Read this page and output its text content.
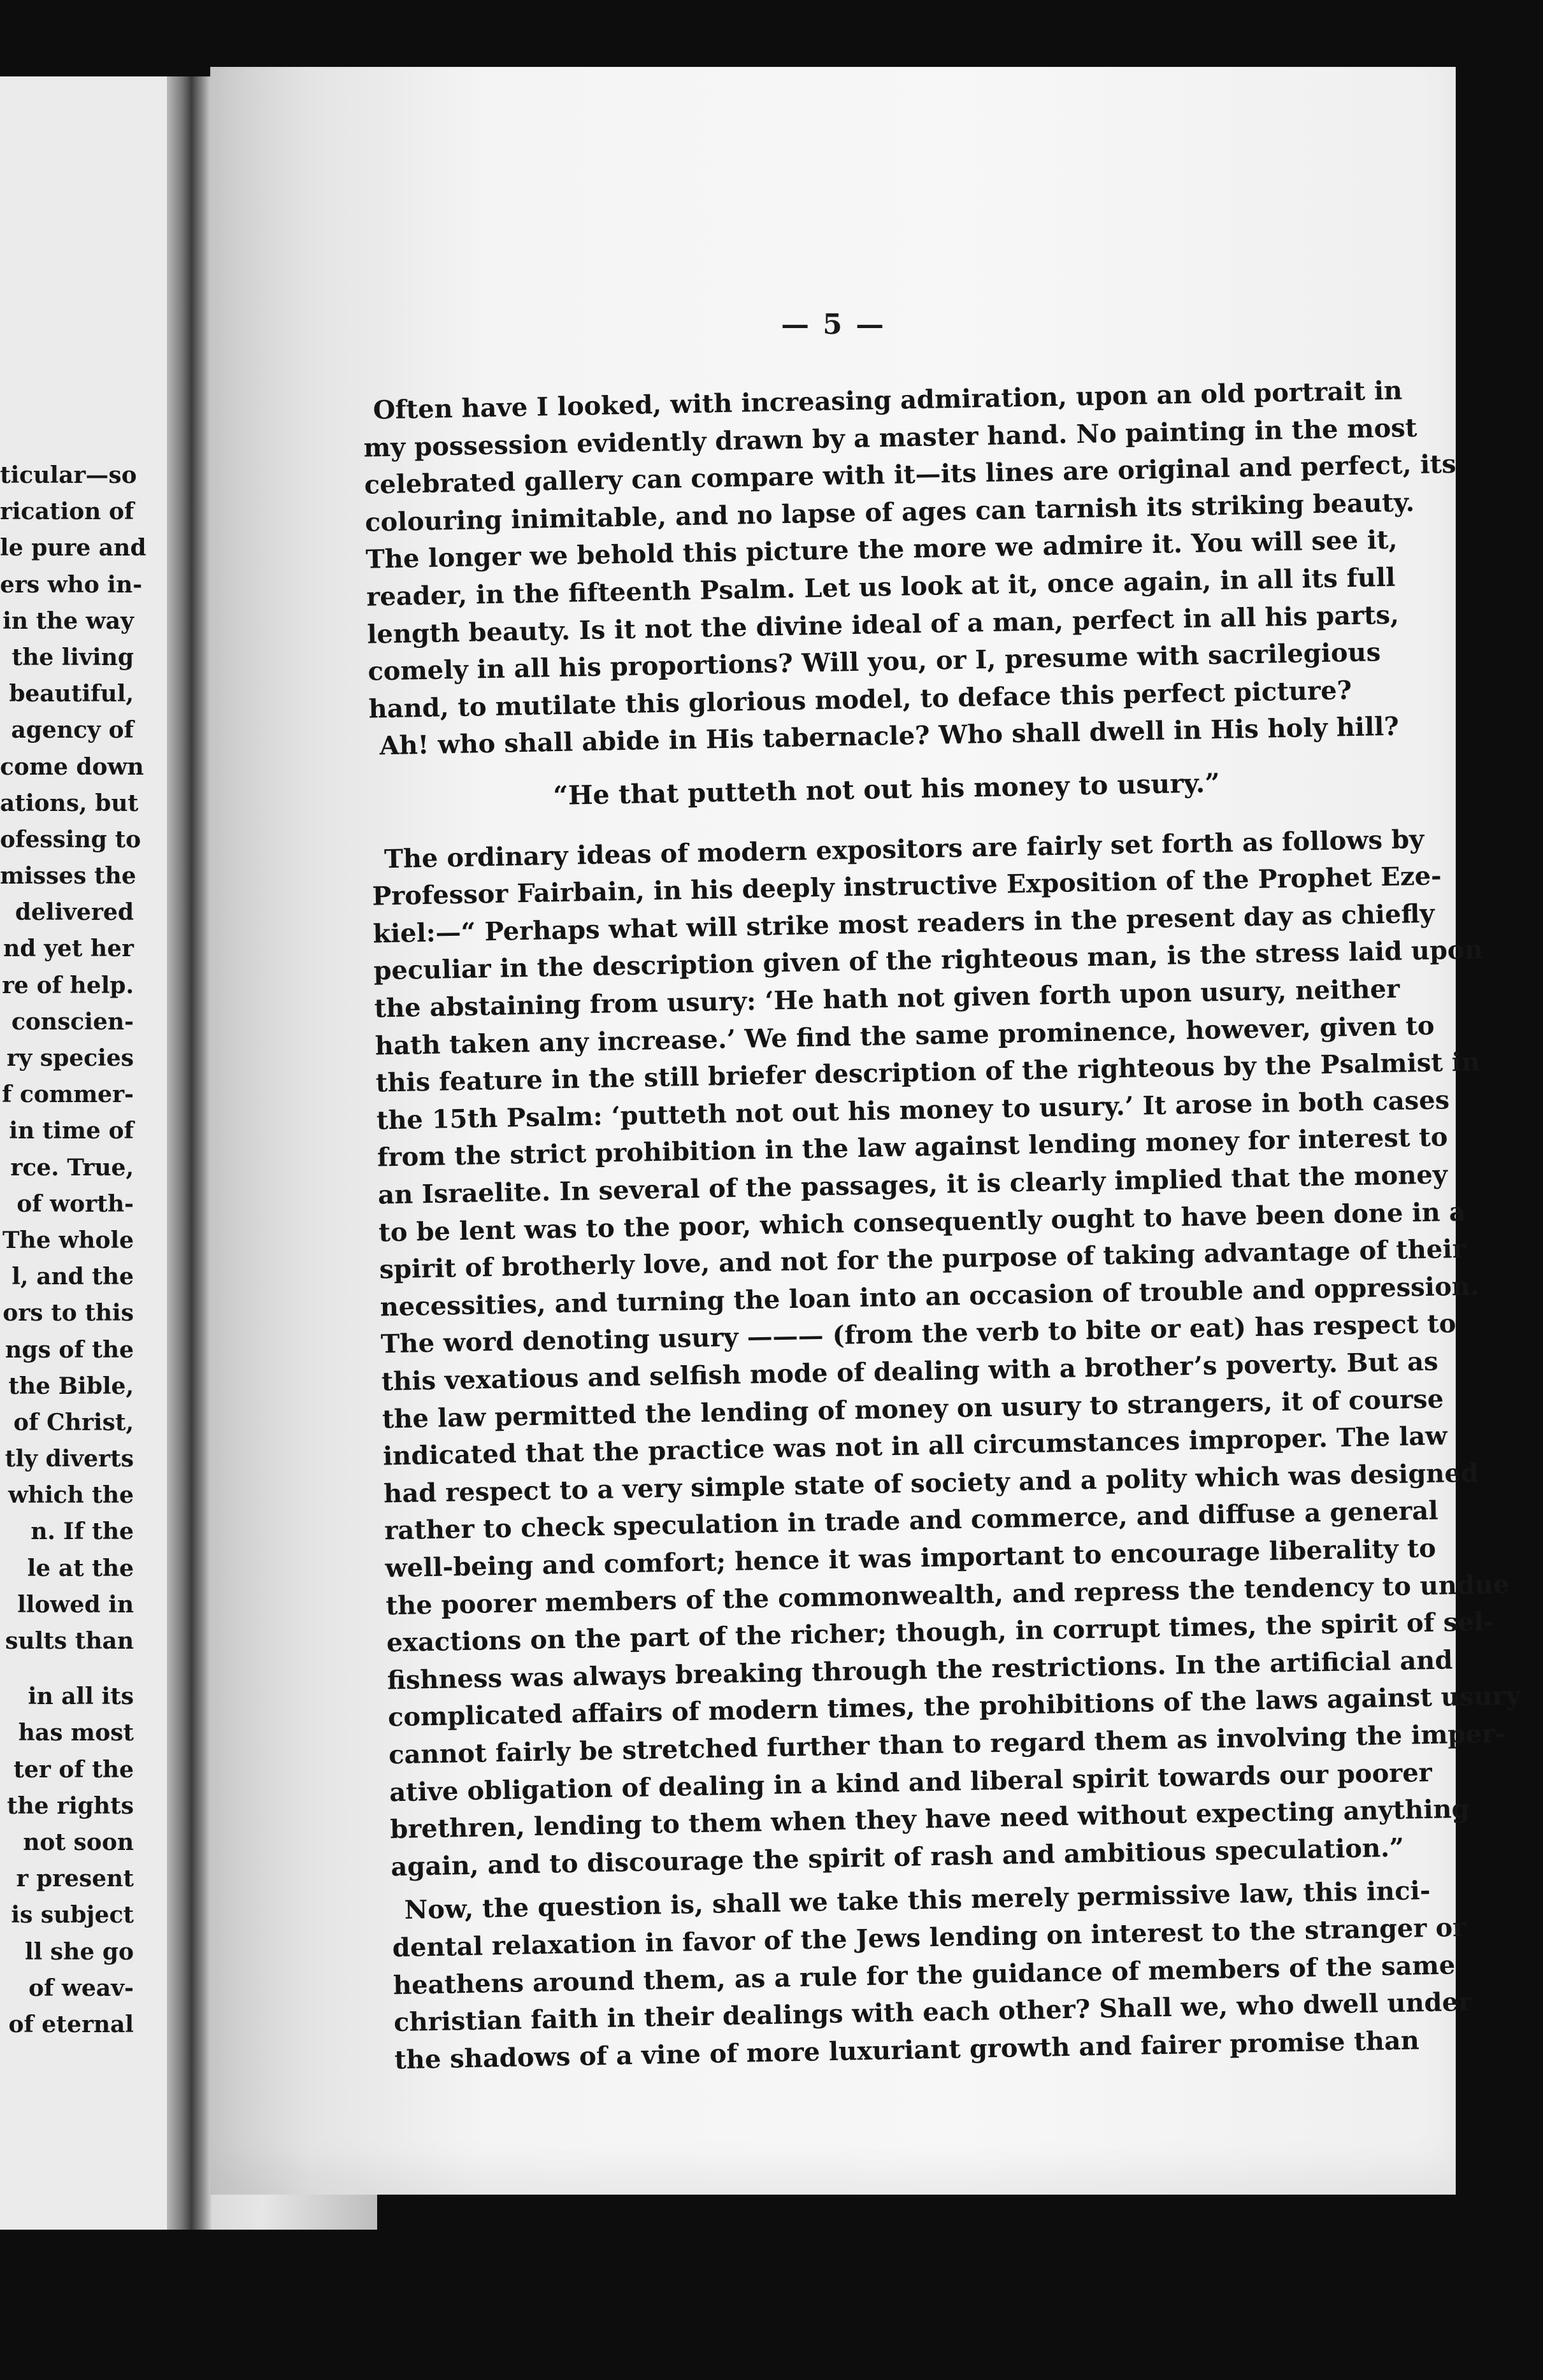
ticular—so
rication of
le pure and
ers who in-
in the way
the living
beautiful,
agency of
come down
ations, but
ofessing to
misses the
delivered
nd yet her
re of help.
conscien-
ry species
f commer-
in time of
rce. True,
of worth-
The whole
l, and the
ors to this
ngs of the
the Bible,
of Christ,
tly diverts
which the
n. If the
le at the
llowed in
sults than
in all its
has most
ter of the
the rights
not soon
r present
is subject
ll she go
of weav-
of eternal
— 5 —
Often have I looked, with increasing admiration, upon an old portrait in
my possession evidently drawn by a master hand. No painting in the most
celebrated gallery can compare with it—its lines are original and perfect, its
colouring inimitable, and no lapse of ages can tarnish its striking beauty.
The longer we behold this picture the more we admire it. You will see it,
reader, in the fifteenth Psalm. Let us look at it, once again, in all its full
length beauty. Is it not the divine ideal of a man, perfect in all his parts,
comely in all his proportions? Will you, or I, presume with sacrilegious
hand, to mutilate this glorious model, to deface this perfect picture?
Ah! who shall abide in His tabernacle? Who shall dwell in His holy hill?
“He that putteth not out his money to usury.”
The ordinary ideas of modern expositors are fairly set forth as follows by
Professor Fairbain, in his deeply instructive Exposition of the Prophet Eze-
kiel:—“ Perhaps what will strike most readers in the present day as chiefly
peculiar in the description given of the righteous man, is the stress laid upon
the abstaining from usury: ‘He hath not given forth upon usury, neither
hath taken any increase.’ We find the same prominence, however, given to
this feature in the still briefer description of the righteous by the Psalmist in
the 15th Psalm: ‘putteth not out his money to usury.’ It arose in both cases
from the strict prohibition in the law against lending money for interest to
an Israelite. In several of the passages, it is clearly implied that the money
to be lent was to the poor, which consequently ought to have been done in a
spirit of brotherly love, and not for the purpose of taking advantage of their
necessities, and turning the loan into an occasion of trouble and oppression.
The word denoting usury ——— (from the verb to bite or eat) has respect to
this vexatious and selfish mode of dealing with a brother’s poverty. But as
the law permitted the lending of money on usury to strangers, it of course
indicated that the practice was not in all circumstances improper. The law
had respect to a very simple state of society and a polity which was designed
rather to check speculation in trade and commerce, and diffuse a general
well-being and comfort; hence it was important to encourage liberality to
the poorer members of the commonwealth, and repress the tendency to undue
exactions on the part of the richer; though, in corrupt times, the spirit of sel-
fishness was always breaking through the restrictions. In the artificial and
complicated affairs of modern times, the prohibitions of the laws against usury
cannot fairly be stretched further than to regard them as involving the imper-
ative obligation of dealing in a kind and liberal spirit towards our poorer
brethren, lending to them when they have need without expecting anything
again, and to discourage the spirit of rash and ambitious speculation.”
Now, the question is, shall we take this merely permissive law, this inci-
dental relaxation in favor of the Jews lending on interest to the stranger or
heathens around them, as a rule for the guidance of members of the same
christian faith in their dealings with each other? Shall we, who dwell under
the shadows of a vine of more luxuriant growth and fairer promise than
